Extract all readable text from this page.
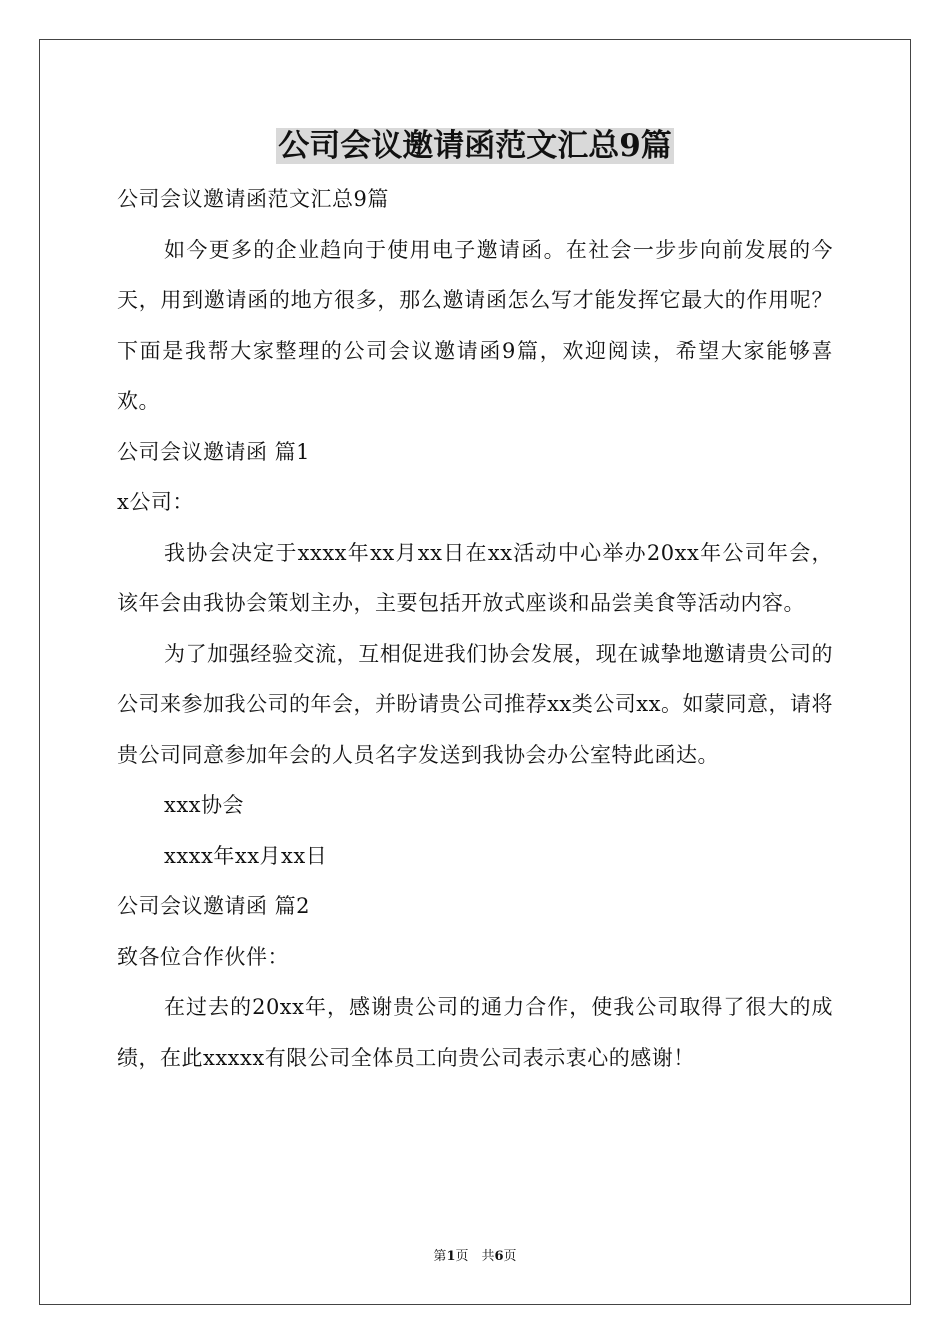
公司会议邀请函范文汇总9篇
公司会议邀请函范文汇总9篇

如今更多的企业趋向于使用电子邀请函。在社会一步步向前发展的今天，用到邀请函的地方很多，那么邀请函怎么写才能发挥它最大的作用呢？下面是我帮大家整理的公司会议邀请函9篇，欢迎阅读，希望大家能够喜欢。

公司会议邀请函 篇1
x公司：

我协会决定于xxxx年xx月xx日在xx活动中心举办20xx年公司年会，该年会由我协会策划主办，主要包括开放式座谈和品尝美食等活动内容。

为了加强经验交流，互相促进我们协会发展，现在诚挚地邀请贵公司的公司来参加我公司的年会，并盼请贵公司推荐xx类公司xx。如蒙同意，请将贵公司同意参加年会的人员名字发送到我协会办公室特此函达。

xxx协会
xxxx年xx月xx日
公司会议邀请函 篇2
致各位合作伙伴：

在过去的20xx年，感谢贵公司的通力合作，使我公司取得了很大的成绩，在此xxxxx有限公司全体员工向贵公司表示衷心的感谢！

第1页　共6页
